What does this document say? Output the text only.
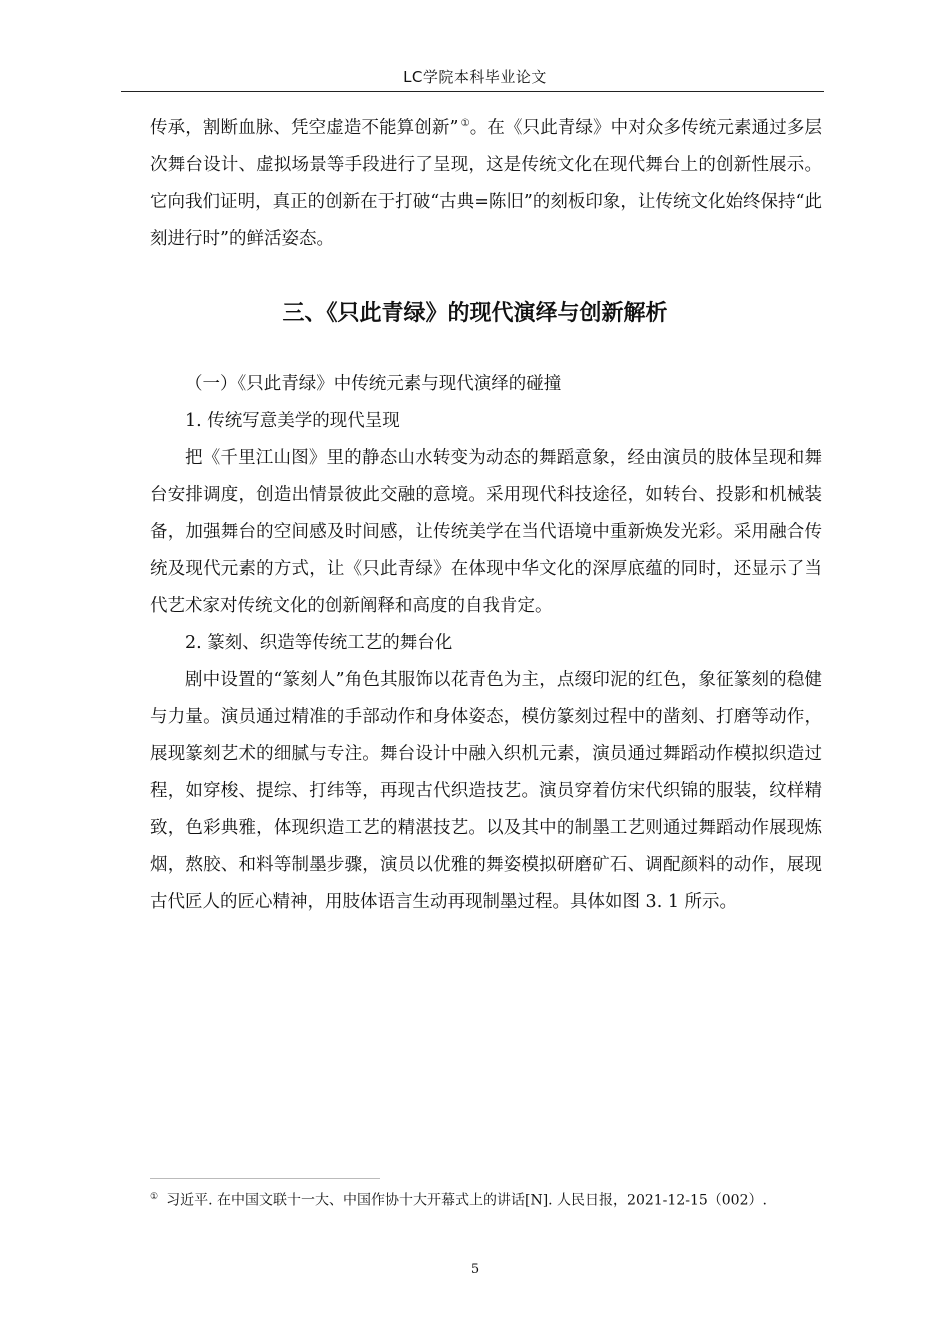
LC学院本科毕业论文

传承，割断血脉、凭空虚造不能算创新” ①。在《只此青绿》中对众多传统元素通过多层次舞台设计、虚拟场景等手段进行了呈现，这是传统文化在现代舞台上的创新性展示。它向我们证明，真正的创新在于打破“古典=陈旧”的刻板印象，让传统文化始终保持“此刻进行时”的鲜活姿态。

三、《只此青绿》的现代演绎与创新解析

（一）《只此青绿》中传统元素与现代演绎的碰撞

1. 传统写意美学的现代呈现

把《千里江山图》里的静态山水转变为动态的舞蹈意象，经由演员的肢体呈现和舞台安排调度，创造出情景彼此交融的意境。采用现代科技途径，如转台、投影和机械装备，加强舞台的空间感及时间感，让传统美学在当代语境中重新焕发光彩。采用融合传统及现代元素的方式，让《只此青绿》在体现中华文化的深厚底蕴的同时，还显示了当代艺术家对传统文化的创新阐释和高度的自我肯定。

2. 篆刻、织造等传统工艺的舞台化

剧中设置的“篆刻人”角色其服饰以花青色为主，点缀印泥的红色，象征篆刻的稳健与力量。演员通过精准的手部动作和身体姿态，模仿篆刻过程中的凿刻、打磨等动作，展现篆刻艺术的细腻与专注。舞台设计中融入织机元素，演员通过舞蹈动作模拟织造过程，如穿梭、提综、打纬等，再现古代织造技艺。演员穿着仿宋代织锦的服装，纹样精致，色彩典雅，体现织造工艺的精湛技艺。以及其中的制墨工艺则通过舞蹈动作展现炼烟，熬胶、和料等制墨步骤，演员以优雅的舞姿模拟研磨矿石、调配颜料的动作，展现古代匠人的匠心精神，用肢体语言生动再现制墨过程。具体如图 3. 1 所示。

① 习近平. 在中国文联十一大、中国作协十大开幕式上的讲话[N]. 人民日报，2021-12-15（002）.
5
